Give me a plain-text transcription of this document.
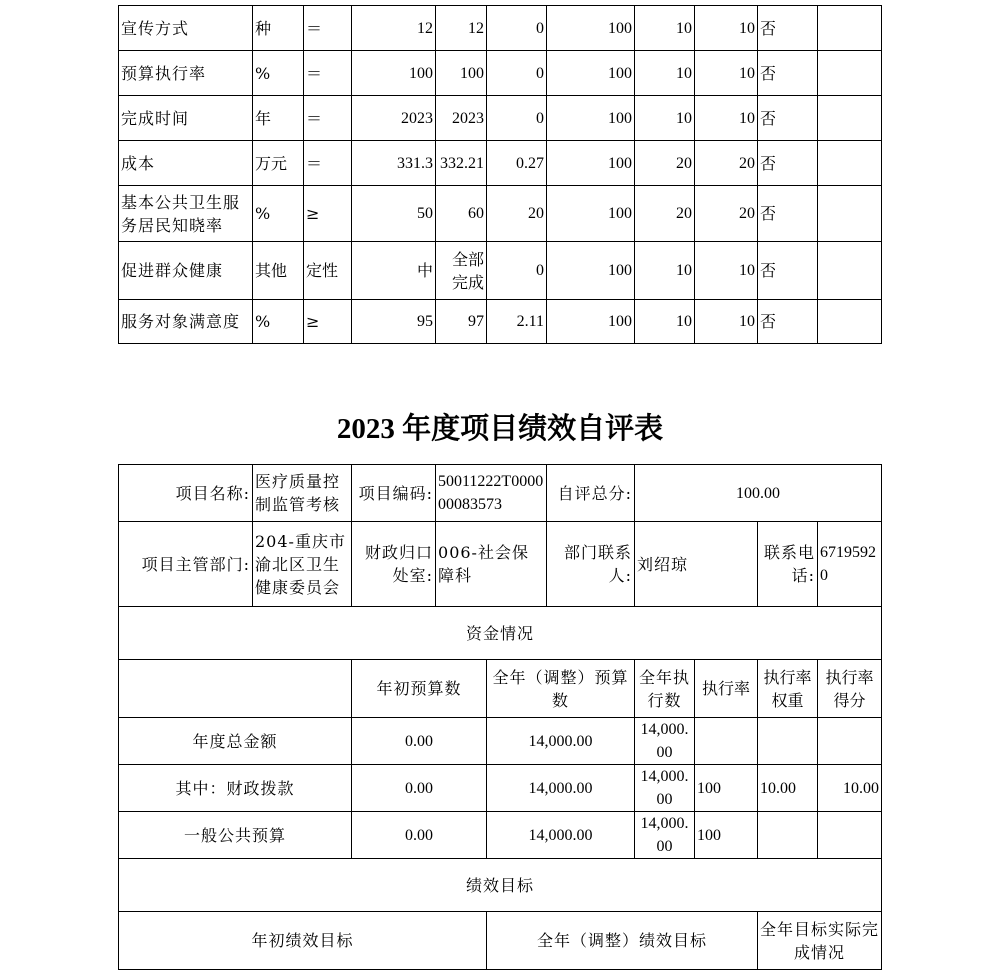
宣传方式	种	＝	12	12	0	100	10	10	否	
预算执行率	%	＝	100	100	0	100	10	10	否	
完成时间	年	＝	2023	2023	0	100	10	10	否	
成本	万元	＝	331.3	332.21	0.27	100	20	20	否	
基本公共卫生服务居民知晓率	%	≥	50	60	20	100	20	20	否	
促进群众健康	其他	定性	中	全部完成	0	100	10	10	否	
服务对象满意度	%	≥	95	97	2.11	100	10	10	否	
2023 年度项目绩效自评表
项目名称:	医疗质量控制监管考核	项目编码:	50011222T000000083573		自评总分:	100.00			
项目主管部门:	204-重庆市渝北区卫生健康委员会	财政归口处室:	006-社会保障科		部门联系人:	刘绍琼		联系电话:	67195920
资金情况									
		年初预算数		全年（调整）预算数		全年执行数	执行率	执行率权重	执行率得分
年度总金额		0.00		14,000.00		14,000.00			
其中：财政拨款		0.00		14,000.00		14,000.00	100	10.00	10.00
一般公共预算		0.00		14,000.00		14,000.00	100		
绩效目标									
年初绩效目标				全年（调整）绩效目标				全年目标实际完成情况	
